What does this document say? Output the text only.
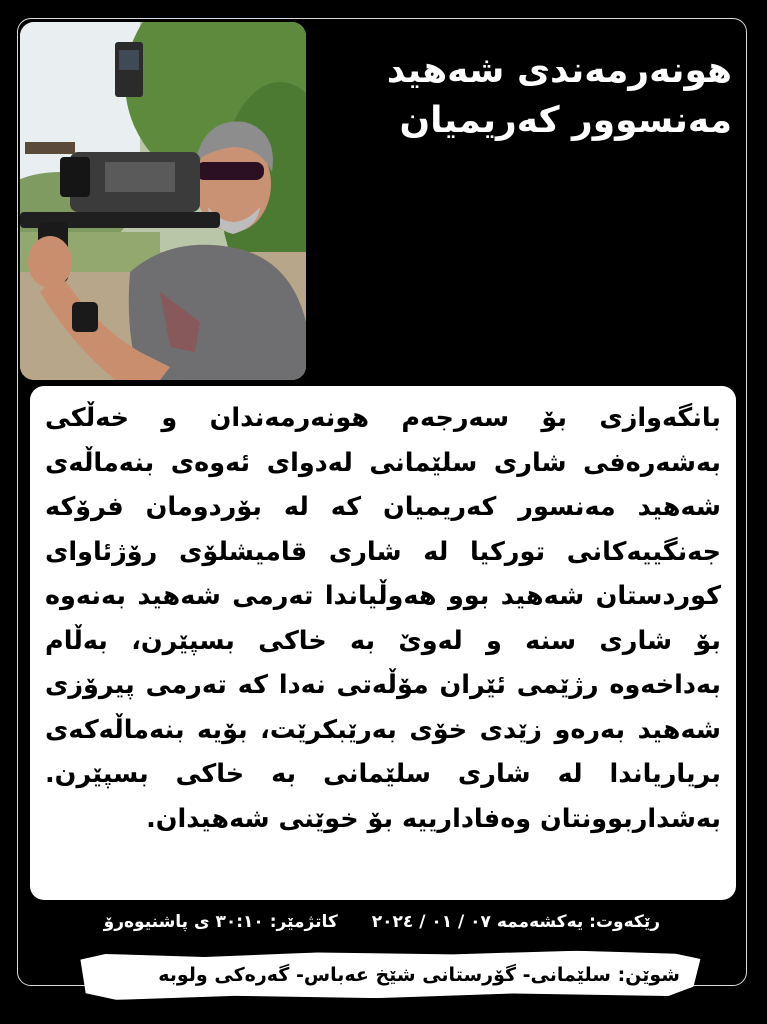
هونەرمەندی شەهید
مەنسوور کەریمیان

بانگەوازی بۆ سەرجەم هونەرمەندان و خەڵکی بەشەرەفی شاری سلێمانی لەدوای ئەوەی بنەماڵەی شەهید مەنسور کەریمیان کە لە بۆردومان فرۆکە جەنگییەکانی تورکیا لە شاری قامیشلۆی رۆژئاوای کوردستان شەهید بوو هەوڵیاندا تەرمی شەهید بەنەوە بۆ شاری سنە و لەوێ بە خاکی بسپێرن، بەڵام بەداخەوە رژێمی ئێران مۆڵەتی نەدا کە تەرمی پیرۆزی شەهید بەرەو زێدی خۆی بەرێبکرێت، بۆیە بنەماڵەکەی بریاریاندا لە شاری سلێمانی بە خاکی بسپێرن. بەشداربوونتان وەفادارییە بۆ خوێنی شەهیدان.

رێکەوت: یەکشەممە ٠٧ / ٠١ / ٢٠٢٤
کاتژمێر: ٣٠:١٠ ی پاشنیوەرۆ
شوێن: سلێمانی- گۆرستانی شێخ عەباس- گەرەکی ولوبە
